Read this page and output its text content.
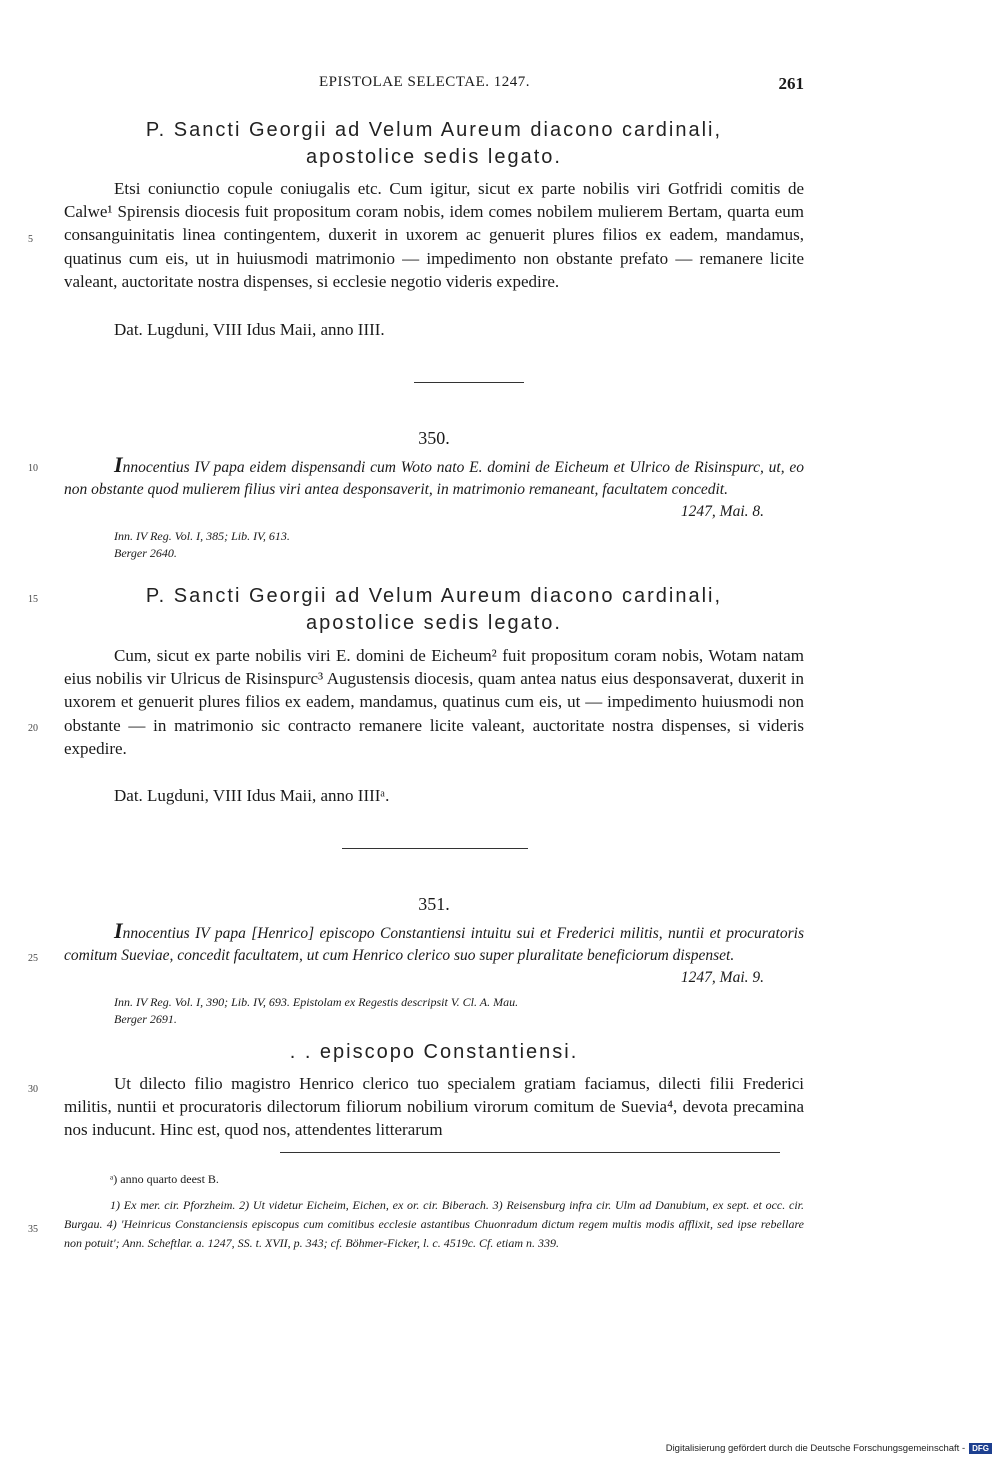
EPISTOLAE SELECTAE. 1247.	261
P. Sancti Georgii ad Velum Aureum diacono cardinali,
apostolice sedis legato.
Etsi coniunctio copule coniugalis etc. Cum igitur, sicut ex parte nobilis viri Gotfridi comitis de Calwe¹ Spirensis diocesis fuit propositum coram nobis, idem comes nobilem mulierem Bertam, quarta eum consanguinitatis linea contingentem, duxerit in uxorem ac genuerit plures filios ex eadem, mandamus, quatinus cum eis, ut in huiusmodi matrimonio — impedimento non obstante prefato — remanere licite valeant, auctoritate nostra dispenses, si ecclesie negotio videris expedire.
Dat. Lugduni, VIII Idus Maii, anno IIII.
350.
Innocentius IV papa eidem dispensandi cum Woto nato E. domini de Eicheum et Ulrico de Risinspurc, ut, eo non obstante quod mulierem filius viri antea desponsaverit, in matrimonio remaneant, facultatem concedit.
1247, Mai. 8.
Inn. IV Reg. Vol. I, 385; Lib. IV, 613.
Berger 2640.
P. Sancti Georgii ad Velum Aureum diacono cardinali,
apostolice sedis legato.
Cum, sicut ex parte nobilis viri E. domini de Eicheum² fuit propositum coram nobis, Wotam natam eius nobilis vir Ulricus de Risinspurc³ Augustensis diocesis, quam antea natus eius desponsaverat, duxerit in uxorem et genuerit plures filios ex eadem, mandamus, quatinus cum eis, ut — impedimento huiusmodi non obstante — in matrimonio sic contracto remanere licite valeant, auctoritate nostra dispenses, si videris expedire.
Dat. Lugduni, VIII Idus Maii, anno IIIIᵃ.
351.
Innocentius IV papa [Henrico] episcopo Constantiensi intuitu sui et Frederici militis, nuntii et procuratoris comitum Sueviae, concedit facultatem, ut cum Henrico clerico suo super pluralitate beneficiorum dispenset.
1247, Mai. 9.
Inn. IV Reg. Vol. I, 390; Lib. IV, 693. Epistolam ex Regestis descripsit V. Cl. A. Mau.
Berger 2691.
. . episcopo Constantiensi.
Ut dilecto filio magistro Henrico clerico tuo specialem gratiam faciamus, dilecti filii Frederici militis, nuntii et procuratoris dilectorum filiorum nobilium virorum comitum de Suevia⁴, devota precamina nos inducunt. Hinc est, quod nos, attendentes litterarum
ᵃ) anno quarto deest B.
1) Ex mer. cir. Pforzheim. 2) Ut videtur Eicheim, Eichen, ex or. cir. Biberach. 3) Reisensburg infra cir. Ulm ad Danubium, ex sept. et occ. cir. Burgau. 4) 'Heinricus Constanciensis episcopus cum comitibus ecclesie astantibus Chuonradum dictum regem multis modis afflixit, sed ipse rebellare non potuit'; Ann. Scheftlar. a. 1247, SS. t. XVII, p. 343; cf. Böhmer-Ficker, l. c. 4519c. Cf. etiam n. 339.
5
10
15
20
25
30
35
Digitalisierung gefördert durch die Deutsche Forschungsgemeinschaft - DFG
